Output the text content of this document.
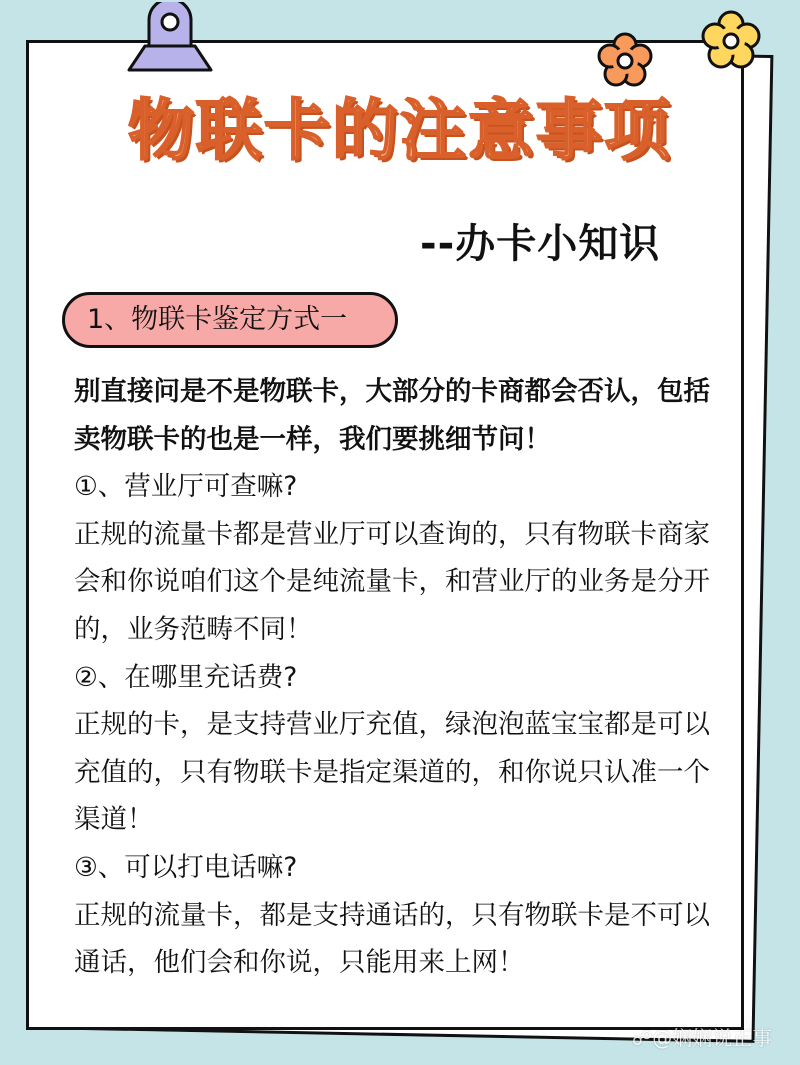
物联卡的注意事项
--办卡小知识
1、物联卡鉴定方式一

别直接问是不是物联卡，大部分的卡商都会否认，包括卖物联卡的也是一样，我们要挑细节问！

①、营业厅可查嘛?

正规的流量卡都是营业厅可以查询的，只有物联卡商家会和你说咱们这个是纯流量卡，和营业厅的业务是分开的，业务范畴不同！

②、在哪里充话费?

正规的卡，是支持营业厅充值，绿泡泡蓝宝宝都是可以充值的，只有物联卡是指定渠道的，和你说只认准一个渠道！

③、可以打电话嘛?

正规的流量卡，都是支持通话的，只有物联卡是不可以通话，他们会和你说，只能用来上网！

☍@娴娴说正事
